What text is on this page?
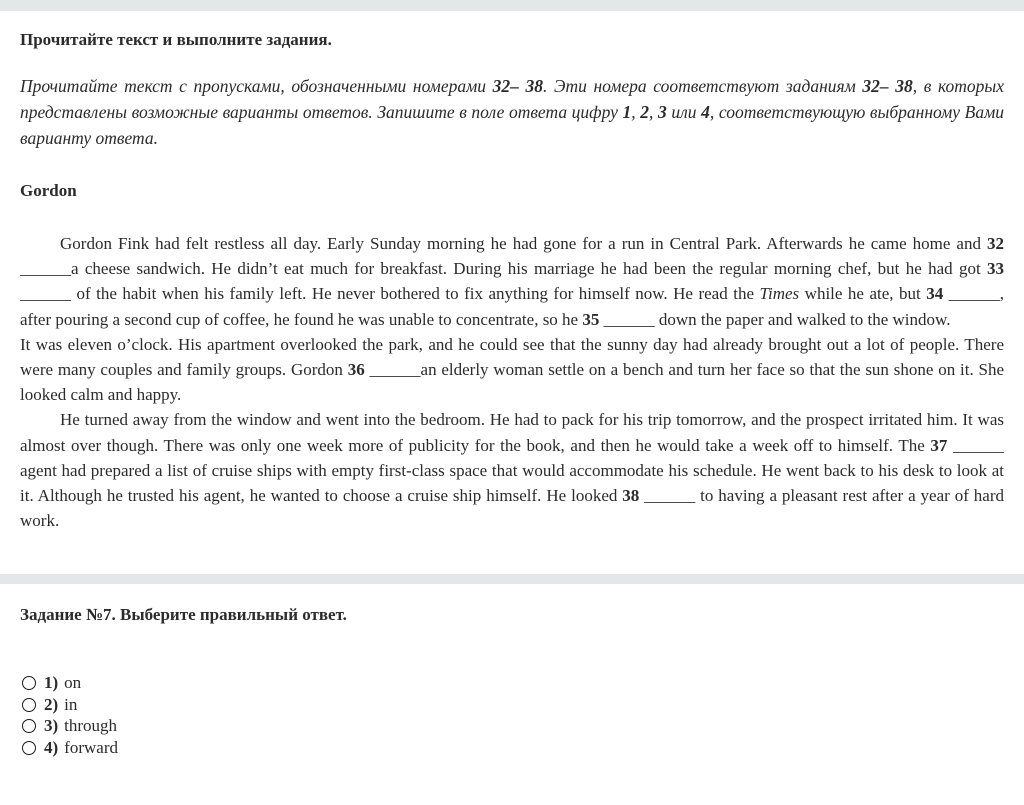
Прочитайте текст и выполните задания.

Прочитайте текст с пропусками, обозначенными номерами 32– 38. Эти номера соответствуют заданиям 32– 38, в которых представлены возможные варианты ответов. Запишите в поле ответа цифру 1, 2, 3 или 4, соответствующую выбранному Вами варианту ответа.

Gordon

Gordon Fink had felt restless all day. Early Sunday morning he had gone for a run in Central Park. Afterwards he came home and 32 ______a cheese sandwich. He didn’t eat much for breakfast. During his marriage he had been the regular morning chef, but he had got 33 ______ of the habit when his family left. He never bothered to fix anything for himself now. He read the Times while he ate, but 34 ______, after pouring a second cup of coffee, he found he was unable to concentrate, so he 35 ______ down the paper and walked to the window.

It was eleven o’clock. His apartment overlooked the park, and he could see that the sunny day had already brought out a lot of people. There were many couples and family groups. Gordon 36 ______an elderly woman settle on a bench and turn her face so that the sun shone on it. She looked calm and happy.

He turned away from the window and went into the bedroom. He had to pack for his trip tomorrow, and the prospect irritated him. It was almost over though. There was only one week more of publicity for the book, and then he would take a week off to himself. The 37 ______ agent had prepared a list of cruise ships with empty first-class space that would accommodate his schedule. He went back to his desk to look at it. Although he trusted his agent, he wanted to choose a cruise ship himself. He looked 38 ______ to having a pleasant rest after a year of hard work.

Задание №7. Выберите правильный ответ.
1) on
2) in
3) through
4) forward
